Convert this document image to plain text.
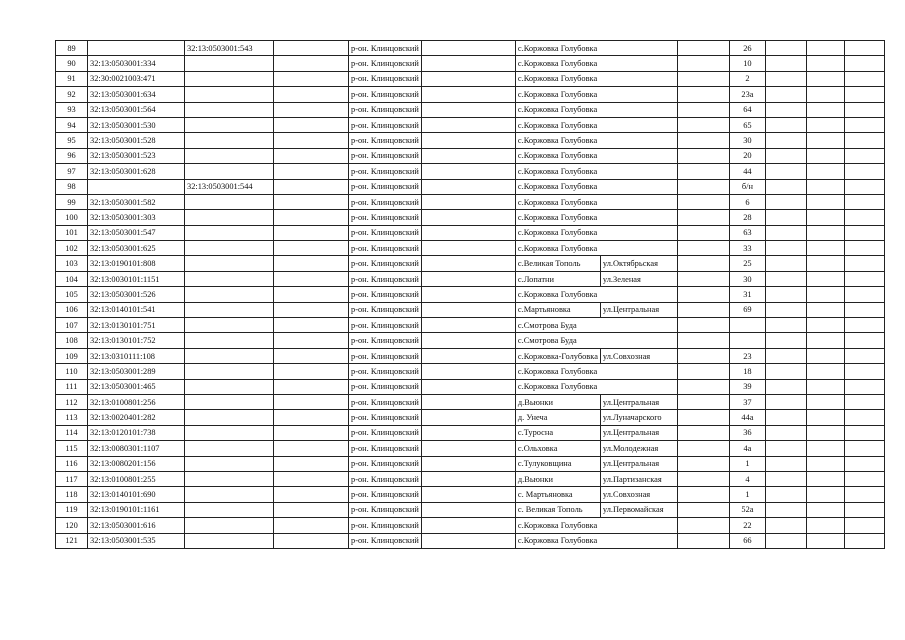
89		32:13:0503001:543		р-он. Клинцовский		с.Коржовка Голубовка			26			
90	32:13:0503001:334			р-он. Клинцовский		с.Коржовка Голубовка			10			
91	32:30:0021003:471			р-он. Клинцовский		с.Коржовка Голубовка			2			
92	32:13:0503001:634			р-он. Клинцовский		с.Коржовка Голубовка			23а			
93	32:13:0503001:564			р-он. Клинцовский		с.Коржовка Голубовка			64			
94	32:13:0503001:530			р-он. Клинцовский		с.Коржовка Голубовка			65			
95	32:13:0503001:528			р-он. Клинцовский		с.Коржовка Голубовка			30			
96	32:13:0503001:523			р-он. Клинцовский		с.Коржовка Голубовка			20			
97	32:13:0503001:628			р-он. Клинцовский		с.Коржовка Голубовка			44			
98		32:13:0503001:544		р-он. Клинцовский		с.Коржовка Голубовка			б/н			
99	32:13:0503001:582			р-он. Клинцовский		с.Коржовка Голубовка			6			
100	32:13:0503001:303			р-он. Клинцовский		с.Коржовка Голубовка			28			
101	32:13:0503001:547			р-он. Клинцовский		с.Коржовка Голубовка			63			
102	32:13:0503001:625			р-он. Клинцовский		с.Коржовка Голубовка			33			
103	32:13:0190101:808			р-он. Клинцовский		с.Великая Тополь	ул.Октябрьская		25			
104	32:13:0030101:1151			р-он. Клинцовский		с.Лопатни	ул.Зеленая		30			
105	32:13:0503001:526			р-он. Клинцовский		с.Коржовка Голубовка			31			
106	32:13:0140101:541			р-он. Клинцовский		с.Мартьяновка	ул.Центральная		69			
107	32:13:0130101:751			р-он. Клинцовский		с.Смотрова Буда						
108	32:13:0130101:752			р-он. Клинцовский		с.Смотрова Буда						
109	32:13:0310111:108			р-он. Клинцовский		с.Коржовка-Голубовка	ул.Совхозная		23			
110	32:13:0503001:289			р-он. Клинцовский		с.Коржовка Голубовка			18			
111	32:13:0503001:465			р-он. Клинцовский		с.Коржовка Голубовка			39			
112	32:13:0100801:256			р-он. Клинцовский		д.Вьюнки	ул.Центральная		37			
113	32:13:0020401:282			р-он. Клинцовский		д. Унеча	ул.Луначарского		44а			
114	32:13:0120101:738			р-он. Клинцовский		с.Туросна	ул.Центральная		36			
115	32:13:0080301:1107			р-он. Клинцовский		с.Ольховка	ул.Молодежная		4а			
116	32:13:0080201:156			р-он. Клинцовский		с.Тулуковщина	ул.Центральная		1			
117	32:13:0100801:255			р-он. Клинцовский		д.Вьюнки	ул.Партизанская		4			
118	32:13:0140101:690			р-он. Клинцовский		с. Мартьяновка	ул.Совхозная		1			
119	32:13:0190101:1161			р-он. Клинцовский		с. Великая Тополь	ул.Первомайская		52а			
120	32:13:0503001:616			р-он. Клинцовский		с.Коржовка Голубовка			22			
121	32:13:0503001:535			р-он. Клинцовский		с.Коржовка Голубовка			66			
